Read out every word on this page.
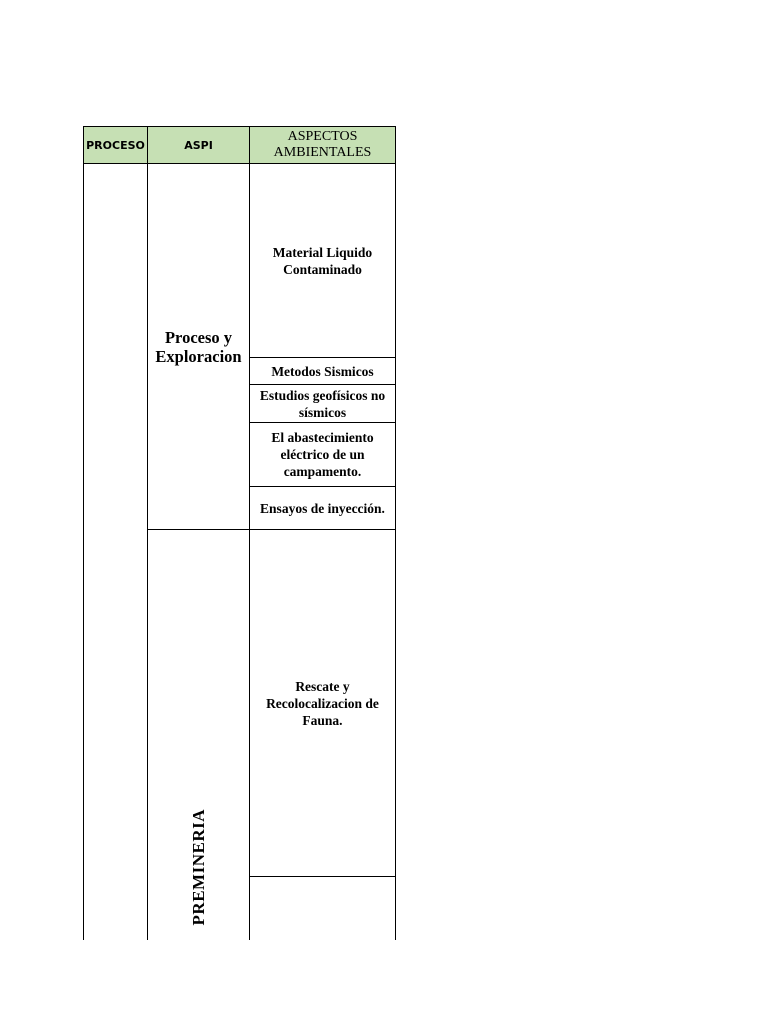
PROCESO	ASPI
ASPECTOS AMBIENTALES
Proceso y Exploracion
Material Liquido Contaminado
Metodos Sismicos
Estudios geofísicos no sísmicos
El abastecimiento eléctrico de un campamento.
Ensayos de inyección.
PREMINERIA
Rescate y Recolocalizacion de Fauna.
